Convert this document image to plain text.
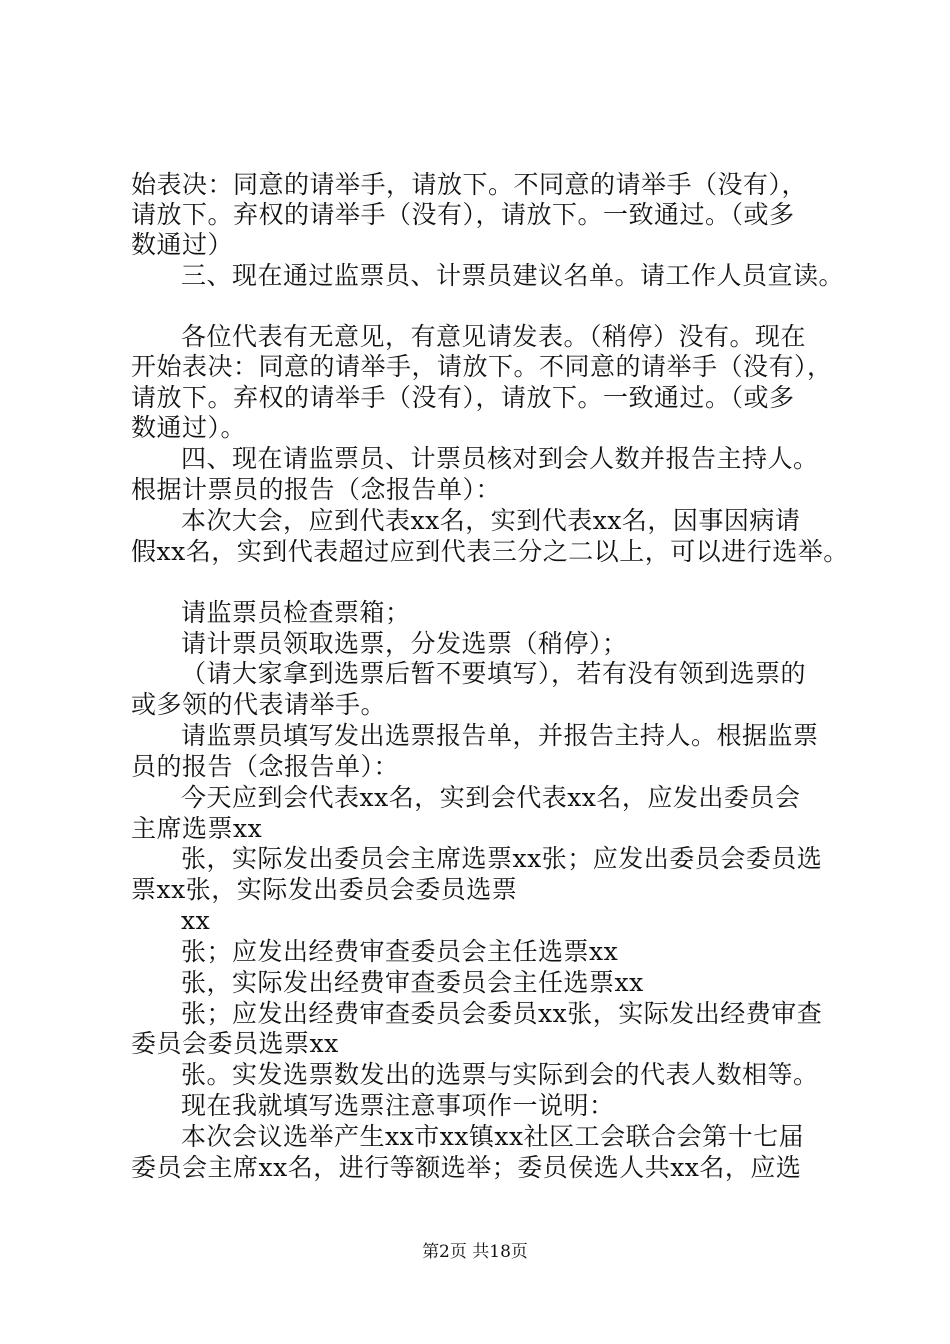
始表决：同意的请举手，请放下。不同意的请举手（没有），
请放下。弃权的请举手（没有），请放下。一致通过。（或多
数通过）
三、现在通过监票员、计票员建议名单。请工作人员宣读。
各位代表有无意见，有意见请发表。（稍停）没有。现在
开始表决：同意的请举手，请放下。不同意的请举手（没有），
请放下。弃权的请举手（没有），请放下。一致通过。（或多
数通过）。
四、现在请监票员、计票员核对到会人数并报告主持人。
根据计票员的报告（念报告单）：
本次大会，应到代表xx名，实到代表xx名，因事因病请
假xx名，实到代表超过应到代表三分之二以上，可以进行选举。
请监票员检查票箱；
请计票员领取选票，分发选票（稍停）；
（请大家拿到选票后暂不要填写），若有没有领到选票的
或多领的代表请举手。
请监票员填写发出选票报告单，并报告主持人。根据监票
员的报告（念报告单）：
今天应到会代表xx名，实到会代表xx名，应发出委员会
主席选票xx
张，实际发出委员会主席选票xx张；应发出委员会委员选
票xx张，实际发出委员会委员选票
xx
张；应发出经费审查委员会主任选票xx
张，实际发出经费审查委员会主任选票xx
张；应发出经费审查委员会委员xx张，实际发出经费审查
委员会委员选票xx
张。实发选票数发出的选票与实际到会的代表人数相等。
现在我就填写选票注意事项作一说明：
本次会议选举产生xx市xx镇xx社区工会联合会第十七届
委员会主席xx名，进行等额选举；委员侯选人共xx名，应选
第2页 共18页
